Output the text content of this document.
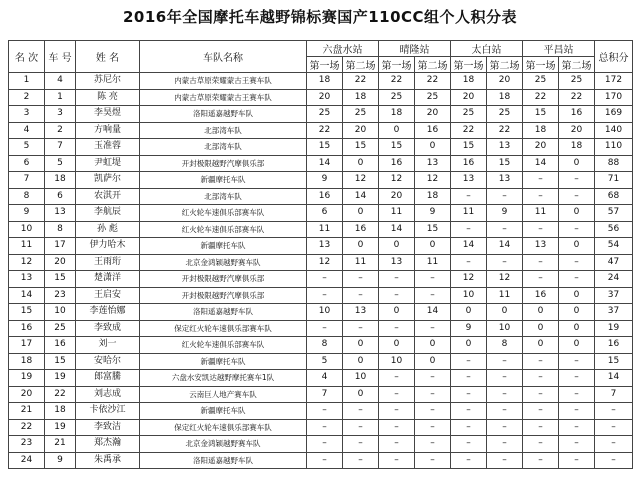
2016年全国摩托车越野锦标赛国产110CC组个人积分表
名 次	车 号	姓 名	车队名称	六盘水站		晴隆站		太白站		平昌站		总积分
				第一场	第二场	第一场	第二场	第一场	第二场	第一场	第二场	
1	4	苏尼尔	内蒙古草原荣耀蒙古王赛车队	18	22	22	22	18	20	25	25	172
2	1	陈 亮	内蒙古草原荣耀蒙古王赛车队	20	18	25	25	20	18	22	22	170
3	3	李昊煜	洛阳遥嘉越野车队	25	25	18	20	25	25	15	16	169
4	2	方响量	北部湾车队	22	20	0	16	22	22	18	20	140
5	7	玉准蓉	北部湾车队	15	15	15	0	15	13	20	18	110
6	5	尹虹堤	开封极限越野汽摩俱乐部	14	0	16	13	16	15	14	0	88
7	18	凯萨尔	新疆摩托车队	9	12	12	12	13	13	–	–	71
8	6	农淇开	北部湾车队	16	14	20	18	–	–	–	–	68
9	13	李航辰	红火轮车速俱乐部赛车队	6	0	11	9	11	9	11	0	57
10	8	孙 彪	红火轮车速俱乐部赛车队	11	16	14	15	–	–	–	–	56
11	17	伊力哈木	新疆摩托车队	13	0	0	0	14	14	13	0	54
12	20	王雨珩	北京金鸿颖越野赛车队	12	11	13	11	–	–	–	–	47
13	15	楚潇洋	开封极限越野汽摩俱乐部	–	–	–	–	12	12	–	–	24
14	23	王启安	开封极限越野汽摩俱乐部	–	–	–	–	10	11	16	0	37
15	10	李莲怡娜	洛阳遥嘉越野车队	10	13	0	14	0	0	0	0	37
16	25	李致成	保定红火轮车速俱乐部赛车队	–	–	–	–	9	10	0	0	19
17	16	刘一	红火轮车速俱乐部赛车队	8	0	0	0	0	8	0	0	16
18	15	安哈尔	新疆摩托车队	5	0	10	0	–	–	–	–	15
19	19	郎富騰	六盘水安凯达越野摩托赛车1队	4	10	–	–	–	–	–	–	14
20	22	刘志成	云南巨人地产赛车队	7	0	–	–	–	–	–	–	7
21	18	卡依沙江	新疆摩托车队	–	–	–	–	–	–	–	–	–
22	19	李致洁	保定红火轮车速俱乐部赛车队	–	–	–	–	–	–	–	–	–
23	21	郑杰瀚	北京金鸿颖越野赛车队	–	–	–	–	–	–	–	–	–
24	9	朱禹承	洛阳遥嘉越野车队	–	–	–	–	–	–	–	–	–
